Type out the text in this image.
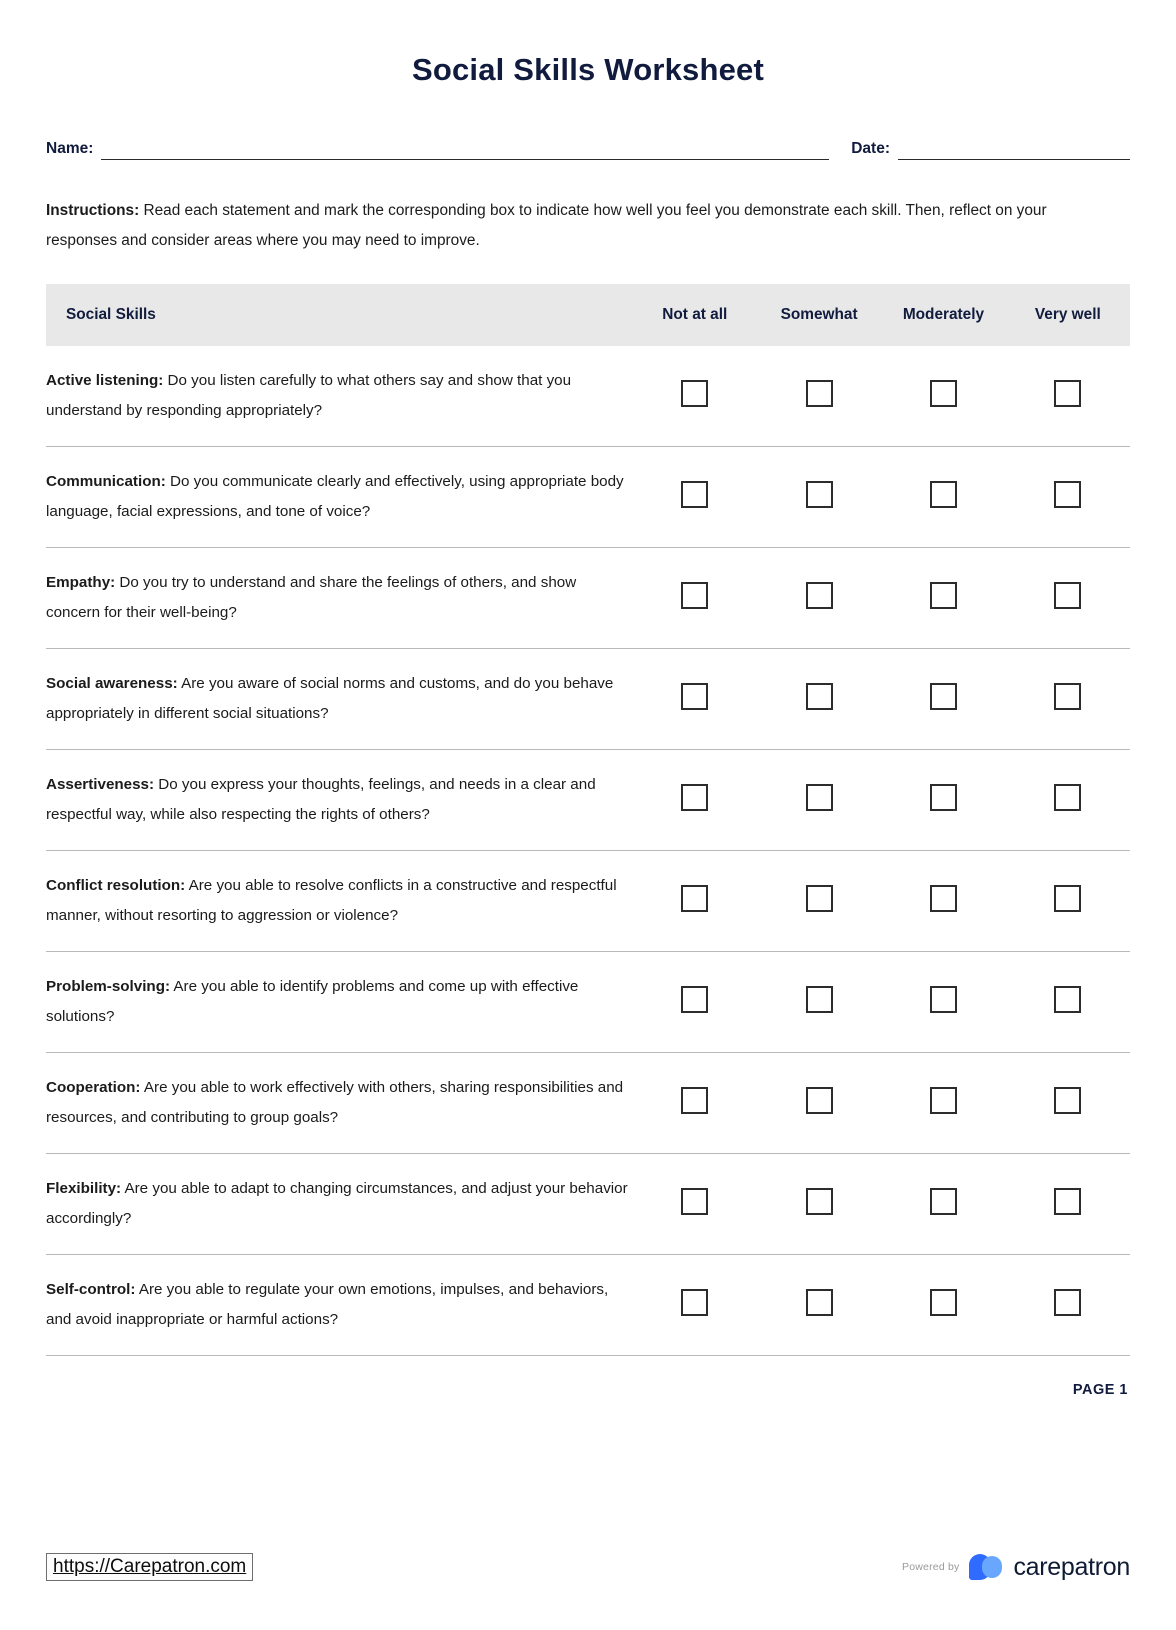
Social Skills Worksheet
Name:	Date:

Instructions: Read each statement and mark the corresponding box to indicate how well you feel you demonstrate each skill. Then, reflect on your responses and consider areas where you may need to improve.

Social Skills	Not at all	Somewhat	Moderately	Very well
Active listening: Do you listen carefully to what others say and show that you understand by responding appropriately?				
Communication: Do you communicate clearly and effectively, using appropriate body language, facial expressions, and tone of voice?				
Empathy: Do you try to understand and share the feelings of others, and show concern for their well-being?				
Social awareness: Are you aware of social norms and customs, and do you behave appropriately in different social situations?				
Assertiveness: Do you express your thoughts, feelings, and needs in a clear and respectful way, while also respecting the rights of others?				
Conflict resolution: Are you able to resolve conflicts in a constructive and respectful manner, without resorting to aggression or violence?				
Problem-solving: Are you able to identify problems and come up with effective solutions?				
Cooperation: Are you able to work effectively with others, sharing responsibilities and resources, and contributing to group goals?				
Flexibility: Are you able to adapt to changing circumstances, and adjust your behavior accordingly?				
Self-control: Are you able to regulate your own emotions, impulses, and behaviors, and avoid inappropriate or harmful actions?				
PAGE 1
https://Carepatron.com	Powered by carepatron
